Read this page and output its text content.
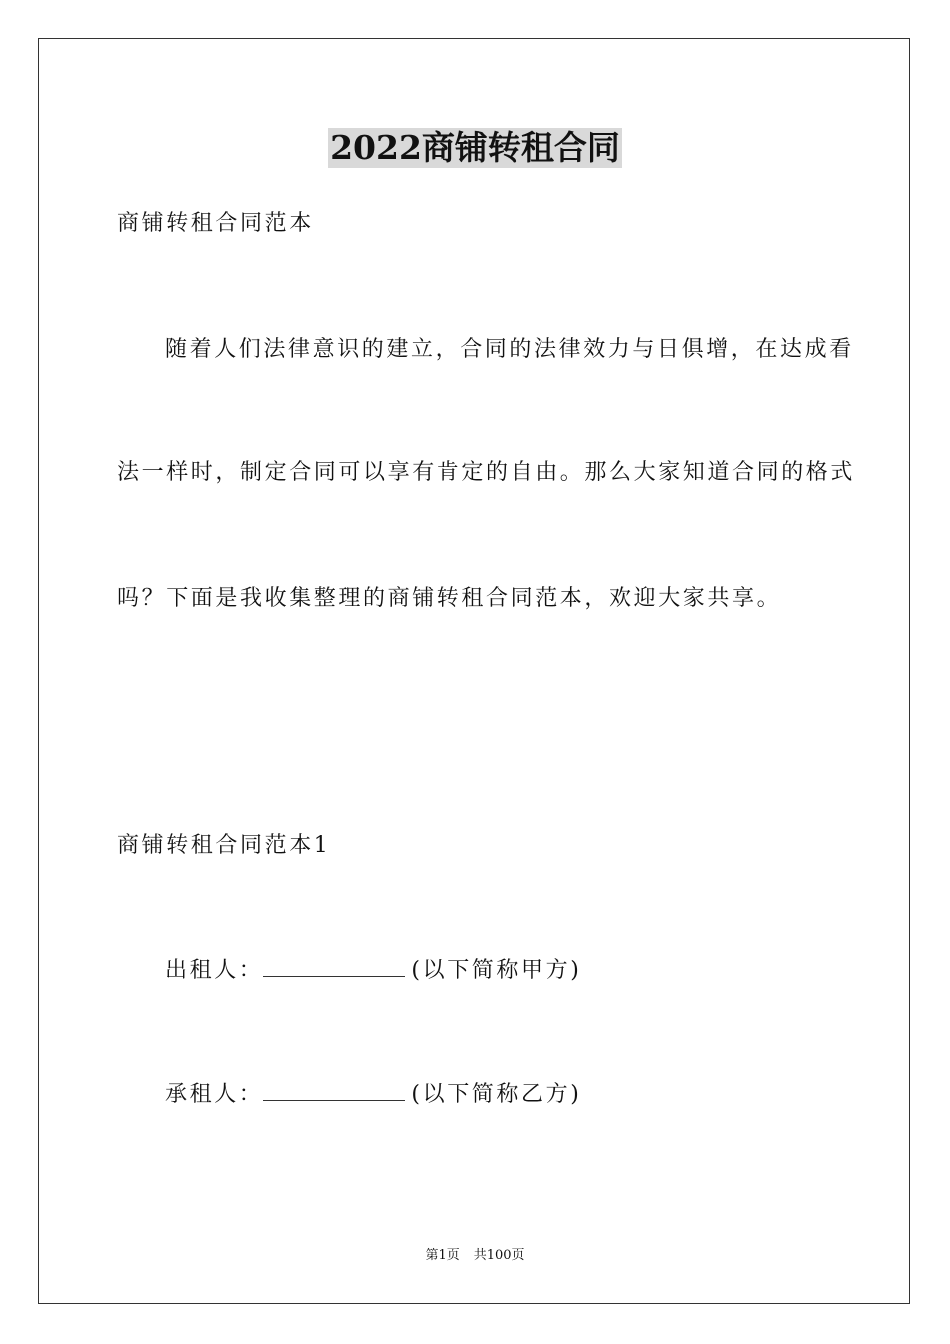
2022商铺转租合同
商铺转租合同范本
随着人们法律意识的建立，合同的法律效力与日俱增，在达成看
法一样时，制定合同可以享有肯定的自由。那么大家知道合同的格式
吗？下面是我收集整理的商铺转租合同范本，欢迎大家共享。
商铺转租合同范本1
出租人：	(以下简称甲方)
承租人：	(以下简称乙方)
第1页 共100页
